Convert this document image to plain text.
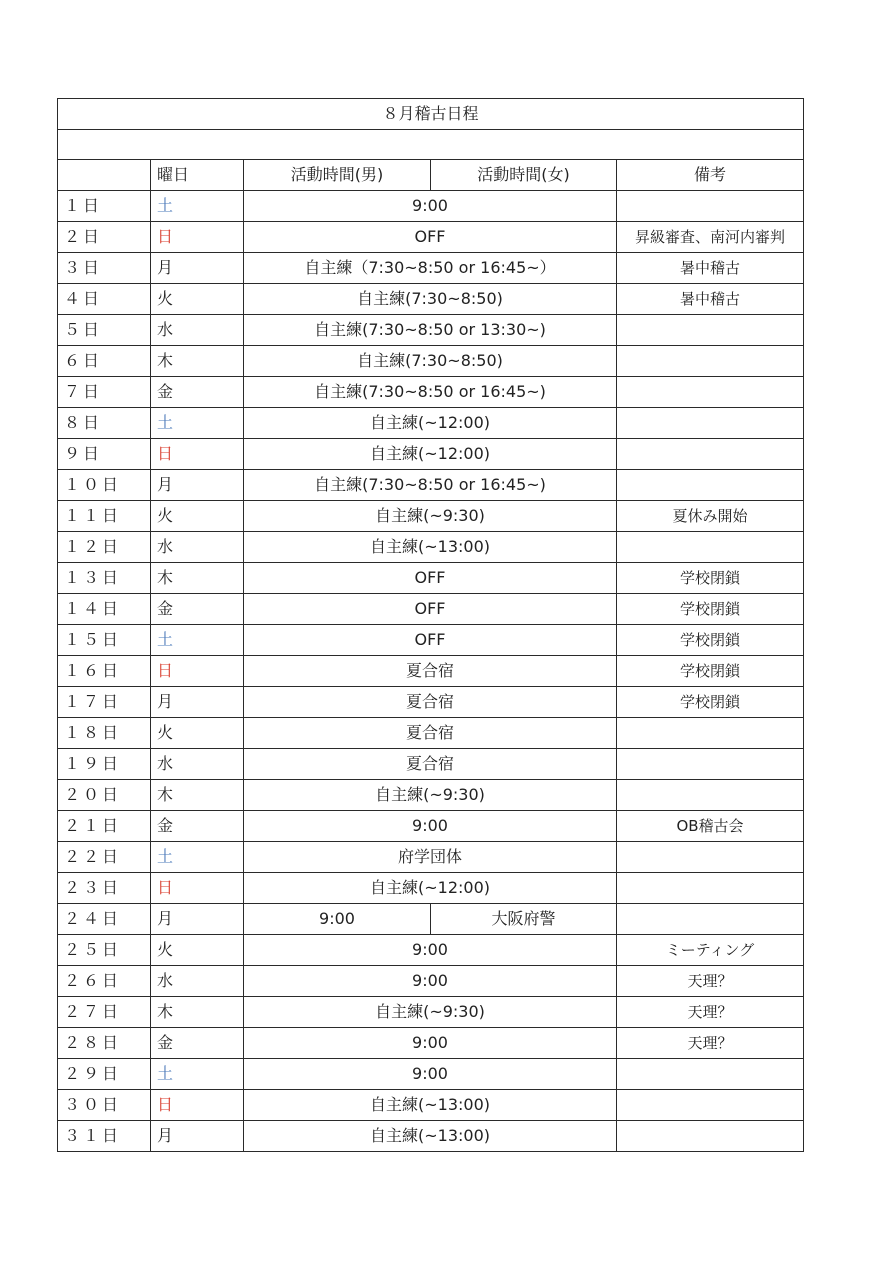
８月稽古日程				

	曜日	活動時間(男)	活動時間(女)	備考
１日	土	9:00		
２日	日	OFF		昇級審査、南河内審判
３日	月	自主練（7:30~8:50 or 16:45~）		暑中稽古
４日	火	自主練(7:30~8:50)		暑中稽古
５日	水	自主練(7:30~8:50 or 13:30~)		
６日	木	自主練(7:30~8:50)		
７日	金	自主練(7:30~8:50 or 16:45~)		
８日	土	自主練(~12:00)		
９日	日	自主練(~12:00)		
１０日	月	自主練(7:30~8:50 or 16:45~)		
１１日	火	自主練(~9:30)		夏休み開始
１２日	水	自主練(~13:00)		
１３日	木	OFF		学校閉鎖
１４日	金	OFF		学校閉鎖
１５日	土	OFF		学校閉鎖
１６日	日	夏合宿		学校閉鎖
１７日	月	夏合宿		学校閉鎖
１８日	火	夏合宿		
１９日	水	夏合宿		
２０日	木	自主練(~9:30)		
２１日	金	9:00		OB稽古会
２２日	土	府学団体		
２３日	日	自主練(~12:00)		
２４日	月	9:00	大阪府警	
２５日	火	9:00		ミーティング
２６日	水	9:00		天理？
２７日	木	自主練(~9:30)		天理？
２８日	金	9:00		天理？
２９日	土	9:00		
３０日	日	自主練(~13:00)		
３１日	月	自主練(~13:00)		
